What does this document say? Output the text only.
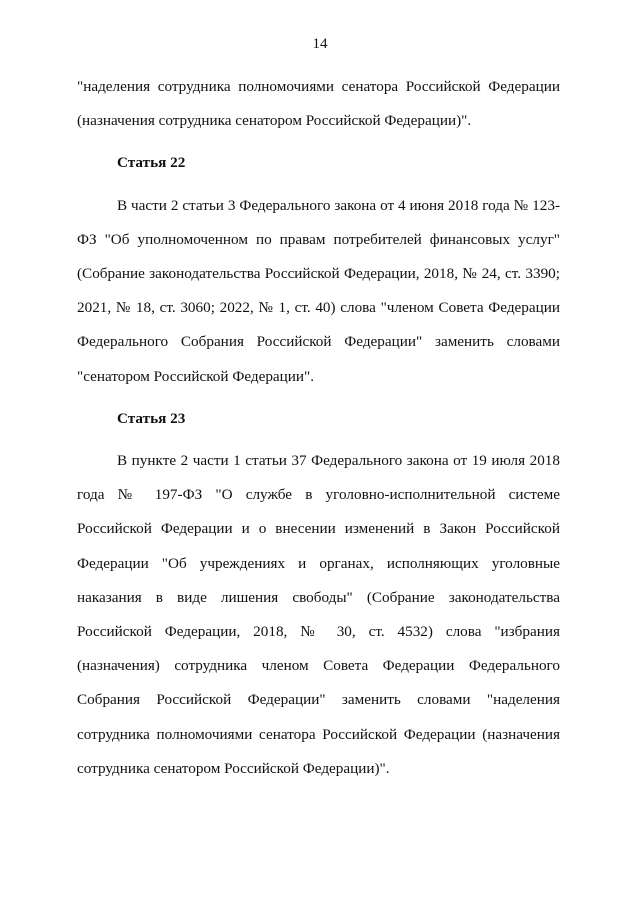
14

"наделения сотрудника полномочиями сенатора Российской Федерации (назначения сотрудника сенатором Российской Федерации)".

Статья 22

В части 2 статьи 3 Федерального закона от 4 июня 2018 года № 123-ФЗ "Об уполномоченном по правам потребителей финансовых услуг" (Собрание законодательства Российской Федерации, 2018, № 24, ст. 3390; 2021, № 18, ст. 3060; 2022, № 1, ст. 40) слова "членом Совета Федерации Федерального Собрания Российской Федерации" заменить словами "сенатором Российской Федерации".

Статья 23

В пункте 2 части 1 статьи 37 Федерального закона от 19 июля 2018 года № 197-ФЗ "О службе в уголовно-исполнительной системе Российской Федерации и о внесении изменений в Закон Российской Федерации "Об учреждениях и органах, исполняющих уголовные наказания в виде лишения свободы" (Собрание законодательства Российской Федерации, 2018, № 30, ст. 4532) слова "избрания (назначения) сотрудника членом Совета Федерации Федерального Собрания Российской Федерации" заменить словами "наделения сотрудника полномочиями сенатора Российской Федерации (назначения сотрудника сенатором Российской Федерации)".
